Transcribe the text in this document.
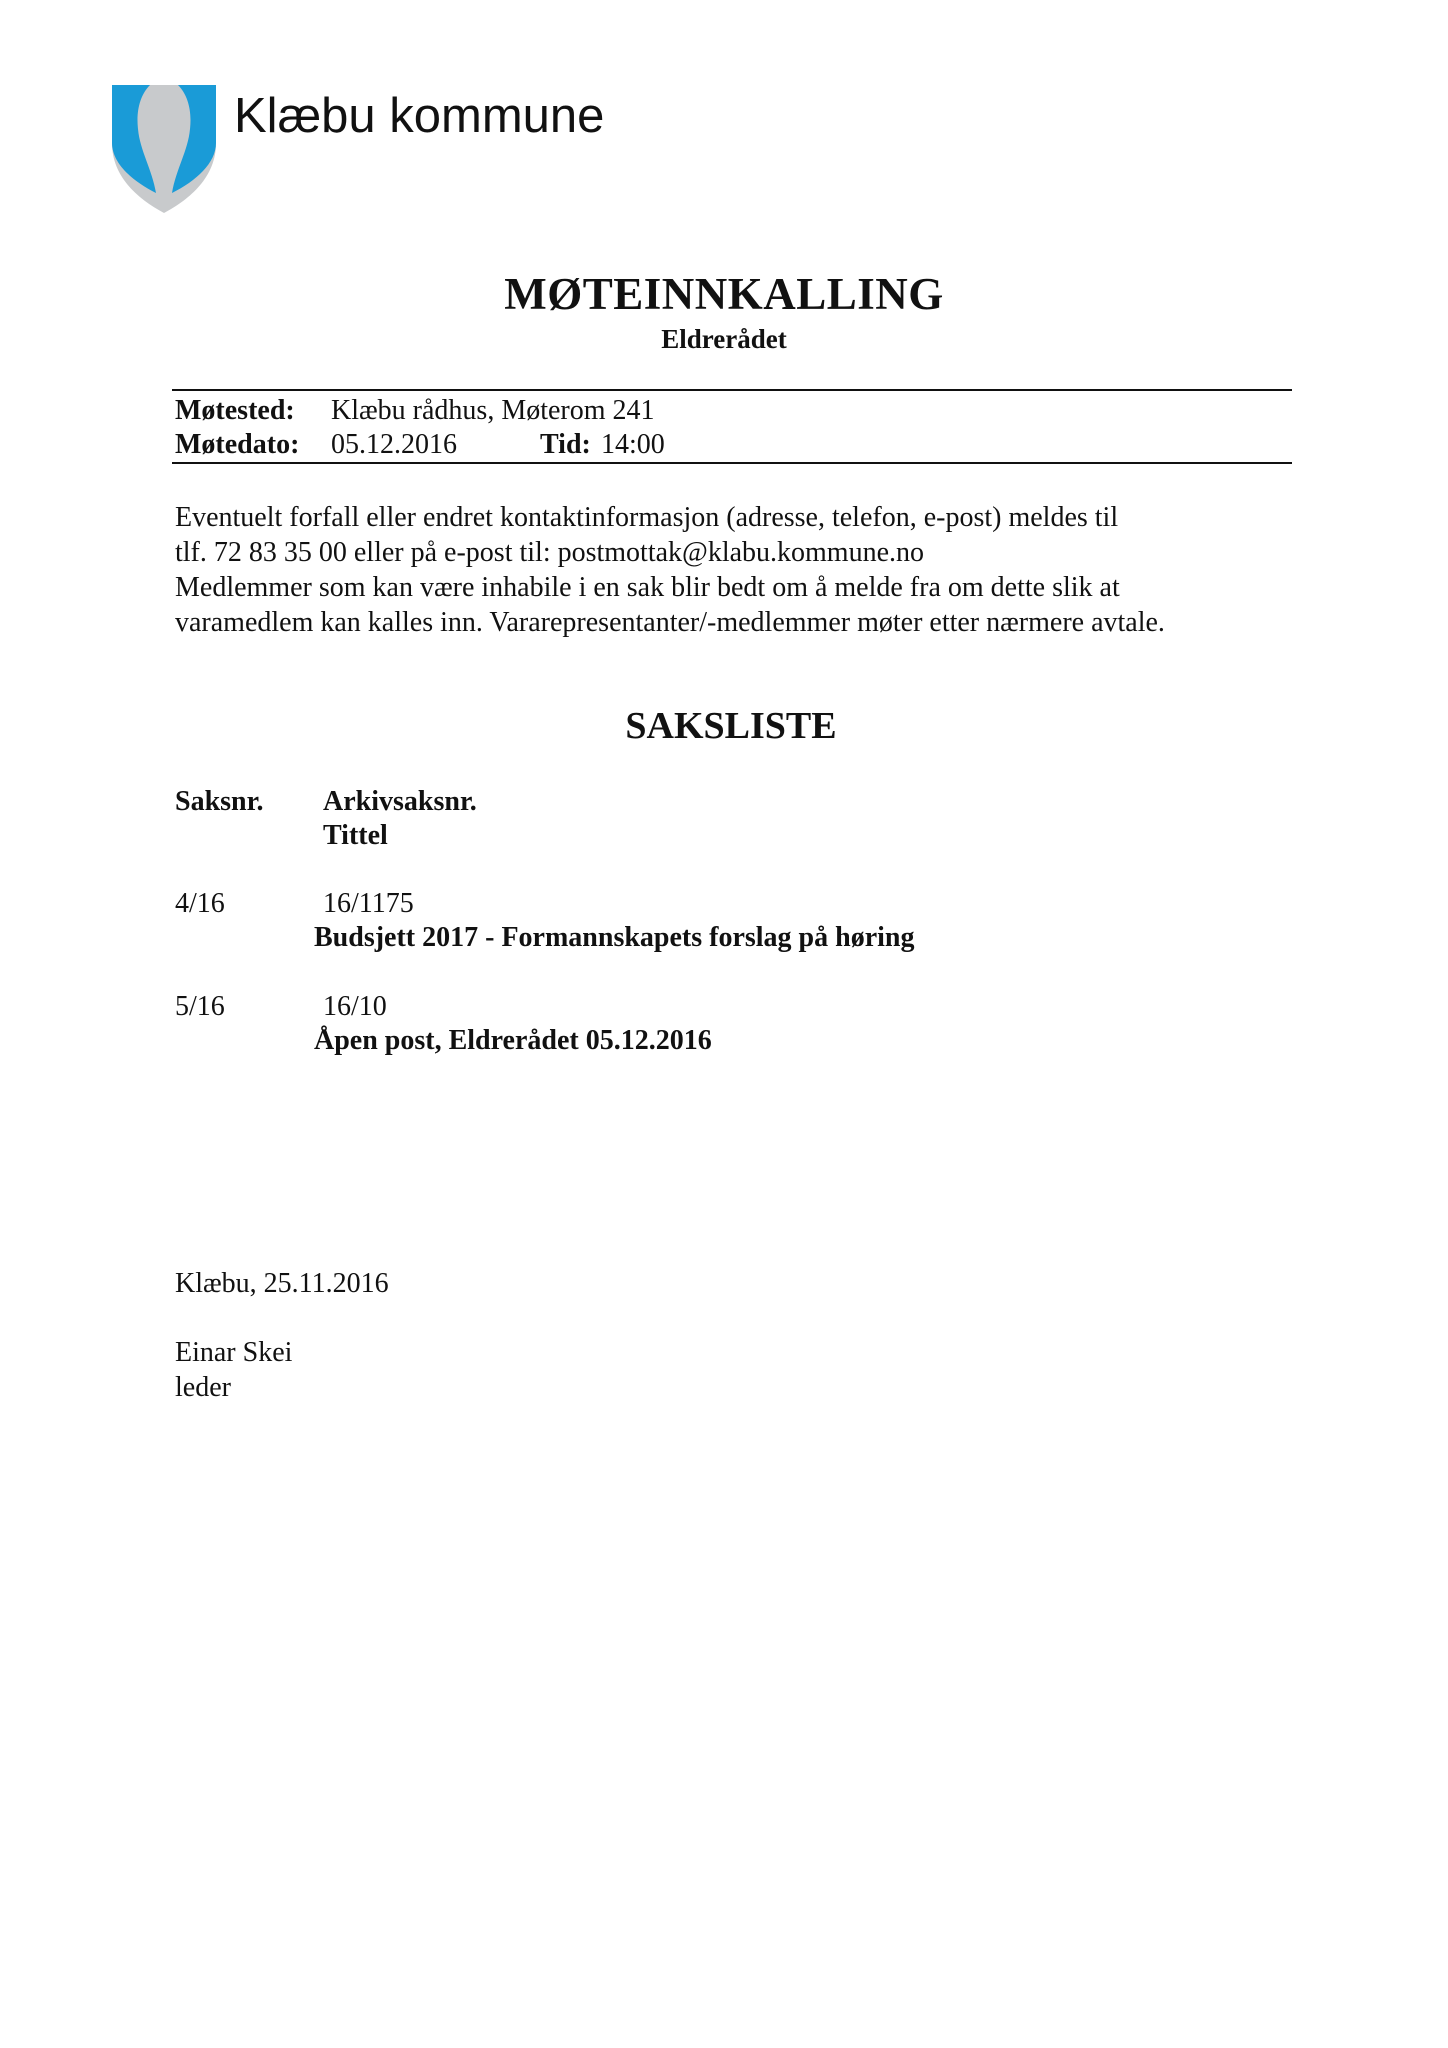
Klæbu kommune
MØTEINNKALLING
Eldrerådet
Møtested: Klæbu rådhus, Møterom 241
Møtedato: 05.12.2016	Tid: 14:00
Eventuelt forfall eller endret kontaktinformasjon (adresse, telefon, e-post) meldes til
tlf. 72 83 35 00 eller på e-post til: postmottak@klabu.kommune.no
Medlemmer som kan være inhabile i en sak blir bedt om å melde fra om dette slik at
varamedlem kan kalles inn. Vararepresentanter/-medlemmer møter etter nærmere avtale.
SAKSLISTE
Saksnr. Arkivsaksnr.
Tittel
4/16	16/1175
Budsjett 2017 - Formannskapets forslag på høring
5/16	16/10
Åpen post, Eldrerådet 05.12.2016
Klæbu, 25.11.2016
Einar Skei
leder
